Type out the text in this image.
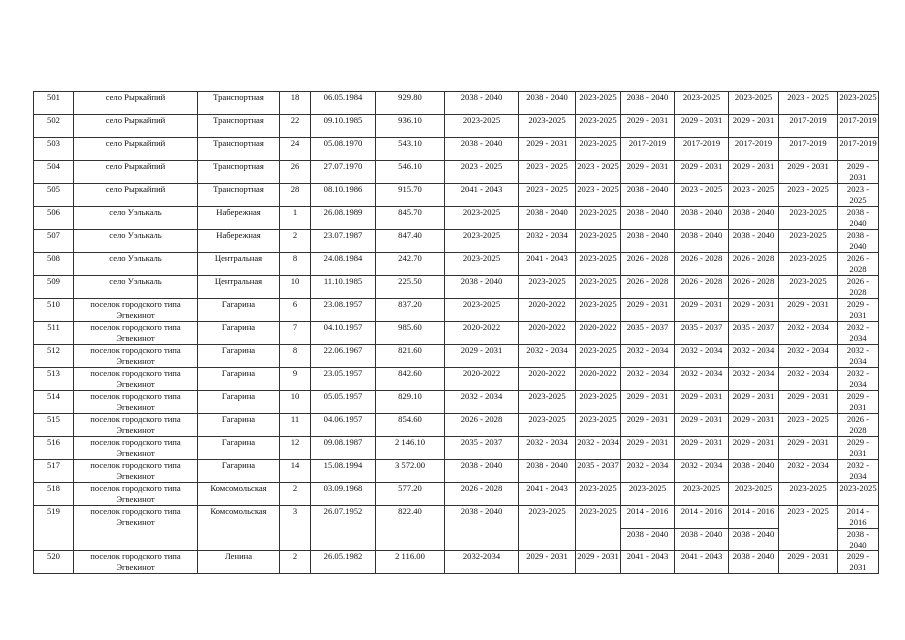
501	село Рыркайпий	Транспортная	18	06.05.1984	929.80	2038 - 2040	2038 - 2040	2023-2025	2038 - 2040	2023-2025	2023-2025	2023 - 2025	2023-2025
502	село Рыркайпий	Транспортная	22	09.10.1985	936.10	2023-2025	2023-2025	2023-2025	2029 - 2031	2029 - 2031	2029 - 2031	2017-2019	2017-2019
503	село Рыркайпий	Транспортная	24	05.08.1970	543.10	2038 - 2040	2029 - 2031	2023-2025	2017-2019	2017-2019	2017-2019	2017-2019	2017-2019
504	село Рыркайпий	Транспортная	26	27.07.1970	546.10	2023 - 2025	2023 - 2025	2023 - 2025	2029 - 2031	2029 - 2031	2029 - 2031	2029 - 2031	2029 - 2031
505	село Рыркайпий	Транспортная	28	08.10.1986	915.70	2041 - 2043	2023 - 2025	2023 - 2025	2038 - 2040	2023 - 2025	2023 - 2025	2023 - 2025	2023 - 2025
506	село Уэлькаль	Набережная	1	26.08.1989	845.70	2023-2025	2038 - 2040	2023-2025	2038 - 2040	2038 - 2040	2038 - 2040	2023-2025	2038 - 2040
507	село Уэлькаль	Набережная	2	23.07.1987	847.40	2023-2025	2032 - 2034	2023-2025	2038 - 2040	2038 - 2040	2038 - 2040	2023-2025	2038 - 2040
508	село Уэлькаль	Центральная	8	24.08.1984	242.70	2023-2025	2041 - 2043	2023-2025	2026 - 2028	2026 - 2028	2026 - 2028	2023-2025	2026 - 2028
509	село Уэлькаль	Центральная	10	11.10.1985	225.50	2038 - 2040	2023-2025	2023-2025	2026 - 2028	2026 - 2028	2026 - 2028	2023-2025	2026 - 2028
510	поселок городского типа Эгвекинот	Гагарина	6	23.08.1957	837.20	2023-2025	2020-2022	2023-2025	2029 - 2031	2029 - 2031	2029 - 2031	2029 - 2031	2029 - 2031
511	поселок городского типа Эгвекинот	Гагарина	7	04.10.1957	985.60	2020-2022	2020-2022	2020-2022	2035 - 2037	2035 - 2037	2035 - 2037	2032 - 2034	2032 - 2034
512	поселок городского типа Эгвекинот	Гагарина	8	22.06.1967	821.60	2029 - 2031	2032 - 2034	2023-2025	2032 - 2034	2032 - 2034	2032 - 2034	2032 - 2034	2032 - 2034
513	поселок городского типа Эгвекинот	Гагарина	9	23.05.1957	842.60	2020-2022	2020-2022	2020-2022	2032 - 2034	2032 - 2034	2032 - 2034	2032 - 2034	2032 - 2034
514	поселок городского типа Эгвекинот	Гагарина	10	05.05.1957	829.10	2032 - 2034	2023-2025	2023-2025	2029 - 2031	2029 - 2031	2029 - 2031	2029 - 2031	2029 - 2031
515	поселок городского типа Эгвекинот	Гагарина	11	04.06.1957	854.60	2026 - 2028	2023-2025	2023-2025	2029 - 2031	2029 - 2031	2029 - 2031	2023 - 2025	2026 - 2028
516	поселок городского типа Эгвекинот	Гагарина	12	09.08.1987	2 146.10	2035 - 2037	2032 - 2034	2032 - 2034	2029 - 2031	2029 - 2031	2029 - 2031	2029 - 2031	2029 - 2031
517	поселок городского типа Эгвекинот	Гагарина	14	15.08.1994	3 572.00	2038 - 2040	2038 - 2040	2035 - 2037	2032 - 2034	2032 - 2034	2038 - 2040	2032 - 2034	2032 - 2034
518	поселок городского типа Эгвекинот	Комсомольская	2	03.09.1968	577.20	2026 - 2028	2041 - 2043	2023-2025	2023-2025	2023-2025	2023-2025	2023-2025	2023-2025
519	поселок городского типа Эгвекинот	Комсомольская	3	26.07.1952	822.40	2038 - 2040	2023-2025	2023-2025	2014 - 2016	2014 - 2016	2014 - 2016	2023 - 2025	2014 - 2016
									2038 - 2040	2038 - 2040	2038 - 2040		2038 - 2040
520	поселок городского типа Эгвекинот	Ленина	2	26.05.1982	2 116.00	2032-2034	2029 - 2031	2029 - 2031	2041 - 2043	2041 - 2043	2038 - 2040	2029 - 2031	2029 - 2031
